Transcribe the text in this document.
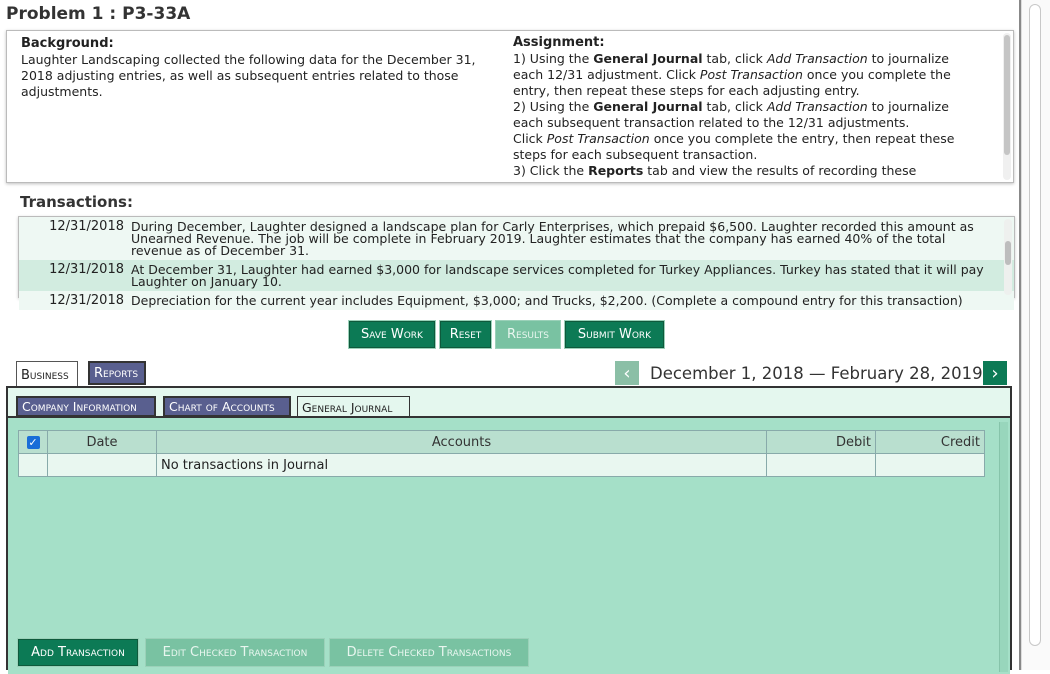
Problem 1 : P3-33A
Background:
Laughter Landscaping collected the following data for the December 31, 2018 adjusting entries, as well as subsequent entries related to those adjustments.
Assignment:
1) Using the General Journal tab, click Add Transaction to journalize each 12/31 adjustment. Click Post Transaction once you complete the entry, then repeat these steps for each adjusting entry.
2) Using the General Journal tab, click Add Transaction to journalize each subsequent transaction related to the 12/31 adjustments.
Click Post Transaction once you complete the entry, then repeat these steps for each subsequent transaction.
3) Click the Reports tab and view the results of recording these
Transactions:
12/31/2018 During December, Laughter designed a landscape plan for Carly Enterprises, which prepaid $6,500. Laughter recorded this amount as Unearned Revenue. The job will be complete in February 2019. Laughter estimates that the company has earned 40% of the total revenue as of December 31.
12/31/2018 At December 31, Laughter had earned $3,000 for landscape services completed for Turkey Appliances. Turkey has stated that it will pay Laughter on January 10.
12/31/2018 Depreciation for the current year includes Equipment, $3,000; and Trucks, $2,200. (Complete a compound entry for this transaction)
Save Work	Reset	Results	Submit Work
Business	Reports	‹	December 1, 2018 — February 28, 2019 ›
Company Information	Chart of Accounts	General Journal
✓	Date	Accounts	Debit	Credit
		No transactions in Journal		
Add Transaction	Edit Checked Transaction	Delete Checked Transactions
